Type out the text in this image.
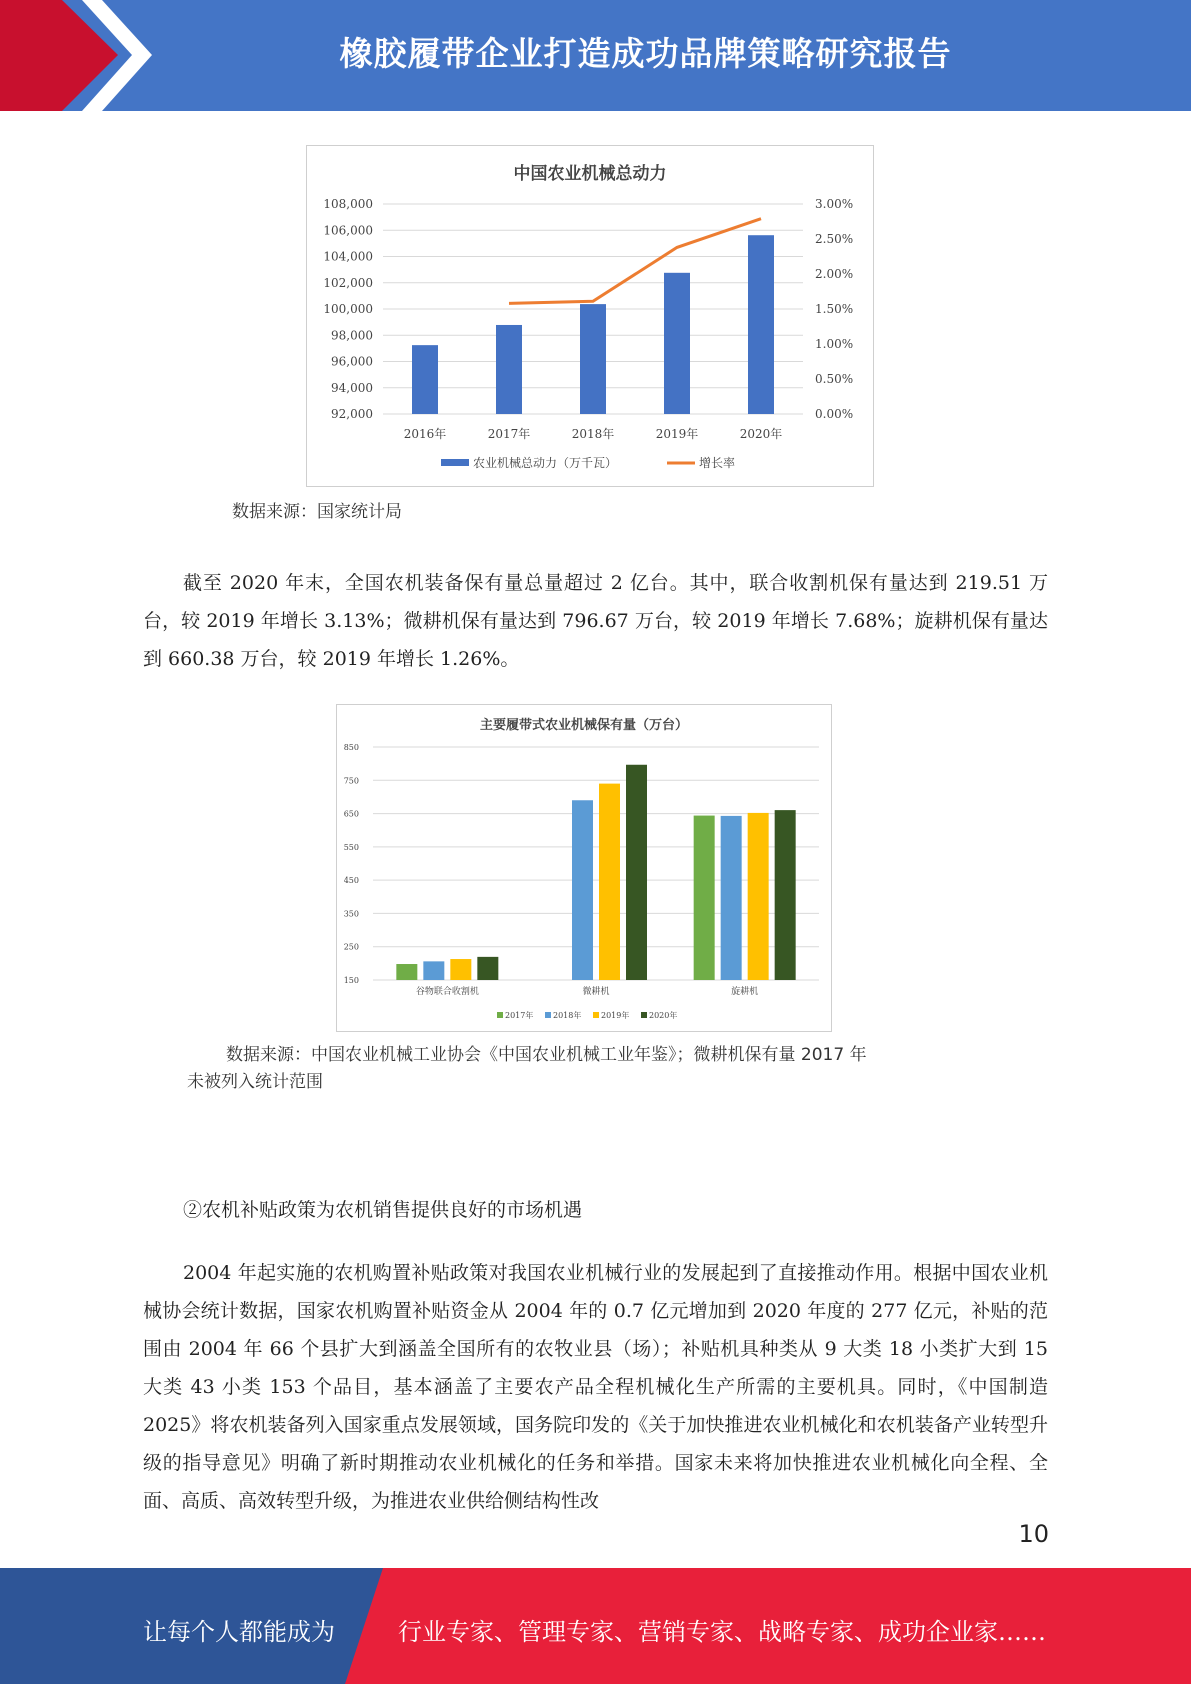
橡胶履带企业打造成功品牌策略研究报告
中国农业机械总动力
92,000
94,000
96,000
98,000
100,000
102,000
104,000
106,000
108,000
0.00%
0.50%
1.00%
1.50%
2.00%
2.50%
3.00%
2016年	2017年	2018年	2019年	2020年
农业机械总动力（万千瓦）	增长率
数据来源：国家统计局

截至 2020 年末，全国农机装备保有量总量超过 2 亿台。其中，联合收割机保有量达到 219.51 万台，较 2019 年增长 3.13%；微耕机保有量达到 796.67 万台，较 2019 年增长 7.68%；旋耕机保有量达到 660.38 万台，较 2019 年增长 1.26%。

主要履带式农业机械保有量（万台）
150
250
350
450
550
650
750
850
谷物联合收割机	微耕机	旋耕机
2017年 2018年 2019年 2020年
数据来源：中国农业机械工业协会《中国农业机械工业年鉴》；微耕机保有量 2017 年
未被列入统计范围
②农机补贴政策为农机销售提供良好的市场机遇

2004 年起实施的农机购置补贴政策对我国农业机械行业的发展起到了直接推动作用。根据中国农业机械协会统计数据，国家农机购置补贴资金从 2004 年的 0.7 亿元增加到 2020 年度的 277 亿元，补贴的范围由 2004 年 66 个县扩大到涵盖全国所有的农牧业县（场）；补贴机具种类从 9 大类 18 小类扩大到 15 大类 43 小类 153 个品目，基本涵盖了主要农产品全程机械化生产所需的主要机具。同时，《中国制造 2025》将农机装备列入国家重点发展领域，国务院印发的《关于加快推进农业机械化和农机装备产业转型升级的指导意见》明确了新时期推动农业机械化的任务和举措。国家未来将加快推进农业机械化向全程、全面、高质、高效转型升级，为推进农业供给侧结构性改

10
让每个人都能成为	行业专家、管理专家、营销专家、战略专家、成功企业家……
